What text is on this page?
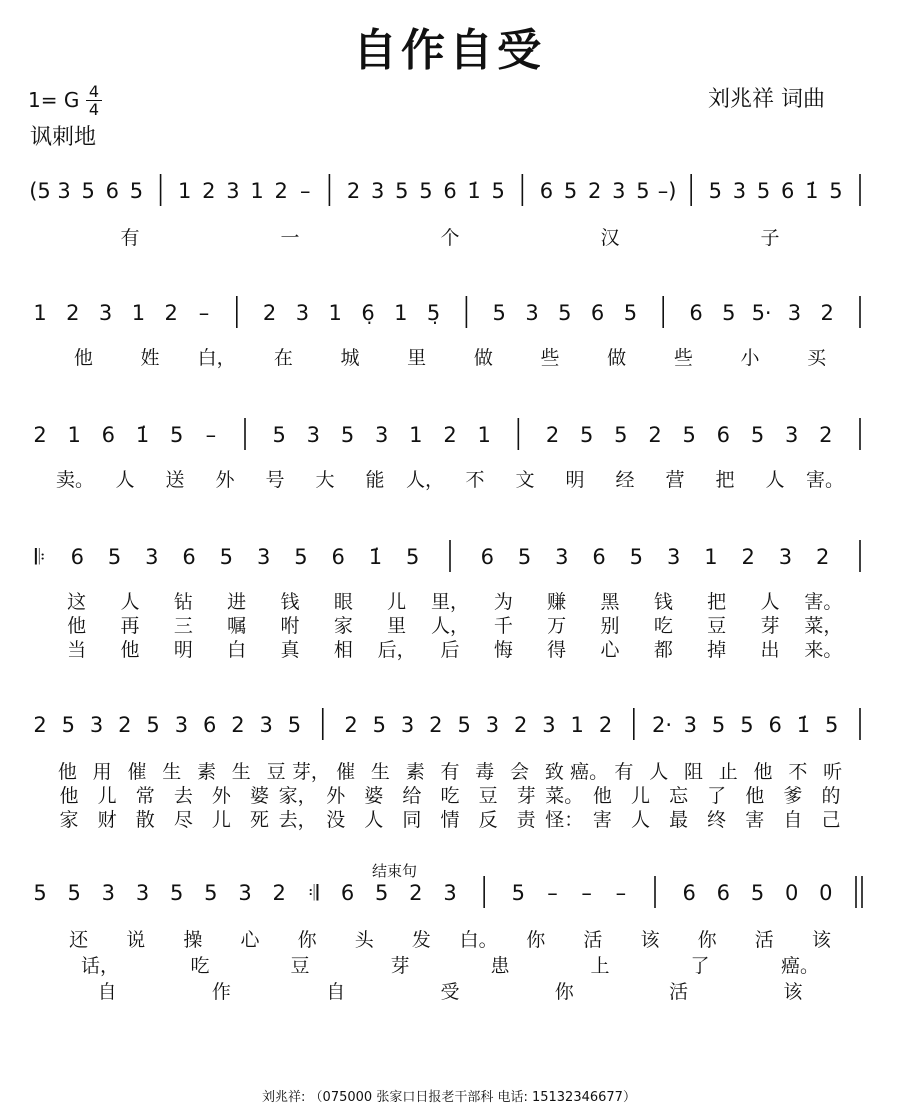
自作自受
1= G 4
4
讽刺地
刘兆祥 词曲
结束句
刘兆祥: （075000 张家口日报老干部科 电话: 15132346677）
(5 3 5 6 5 1 2 3 1 2 – 2 3 5 5 6 1̇ 5 6 5 2 3 5 –) 5 3 5 6 1̇ 5
有	一	个	汉	子
1 2 3 1 2 –	2 3 1 6̣ 1 5̣ 5 3 5 6 5 6 5 5· 3 2
他	姓 白， 在	城	里	做	些	做	些	小	买
2 1 6 1̇ 5 –	5 3 5 3 1 2 1	2 5 5 2 5 6 5 3 2
卖。 人 送 外 号 大 能 人， 不 文 明 经 营 把 人 害。
𝄆 6 5 3 6 5 3 5 6 1̇ 5	6 5 3 6 5 3 1 2 3 2
这 人 钻 进 钱 眼 儿 里， 为 赚 黑 钱 把 人 害。
他 再 三 嘱 咐 家 里 人， 千 万 别 吃 豆 芽 菜，
当 他 明 白 真 相 后， 后 悔 得 心 都 掉 出 来。
2 5 3 2 5 3 6 2 3 5 2 5 3 2 5 3 2 3 1 2 2· 3 5 5 6 1̇ 5
他 用 催 生 素 生 豆 芽， 催 生 素 有 毒 会 致 癌。 有 人 阻 止 他 不 听
他 儿 常 去 外 婆 家， 外 婆 给 吃 豆 芽 菜。 他 儿 忘 了 他 爹 的
家 财 散 尽 儿 死 去， 没 人 同 情 反 责 怪： 害 人 最 终 害 自 己
5 5 3 3 5 5 3 2 𝄇 6 5 2 3	5 – – –	6 6 5 0 0
还 说 操 心 你 头 发 白。 你 活 该 你 活 该
话，	吃	豆	芽	患	上	了	癌。
自	作	自	受	你	活	该
